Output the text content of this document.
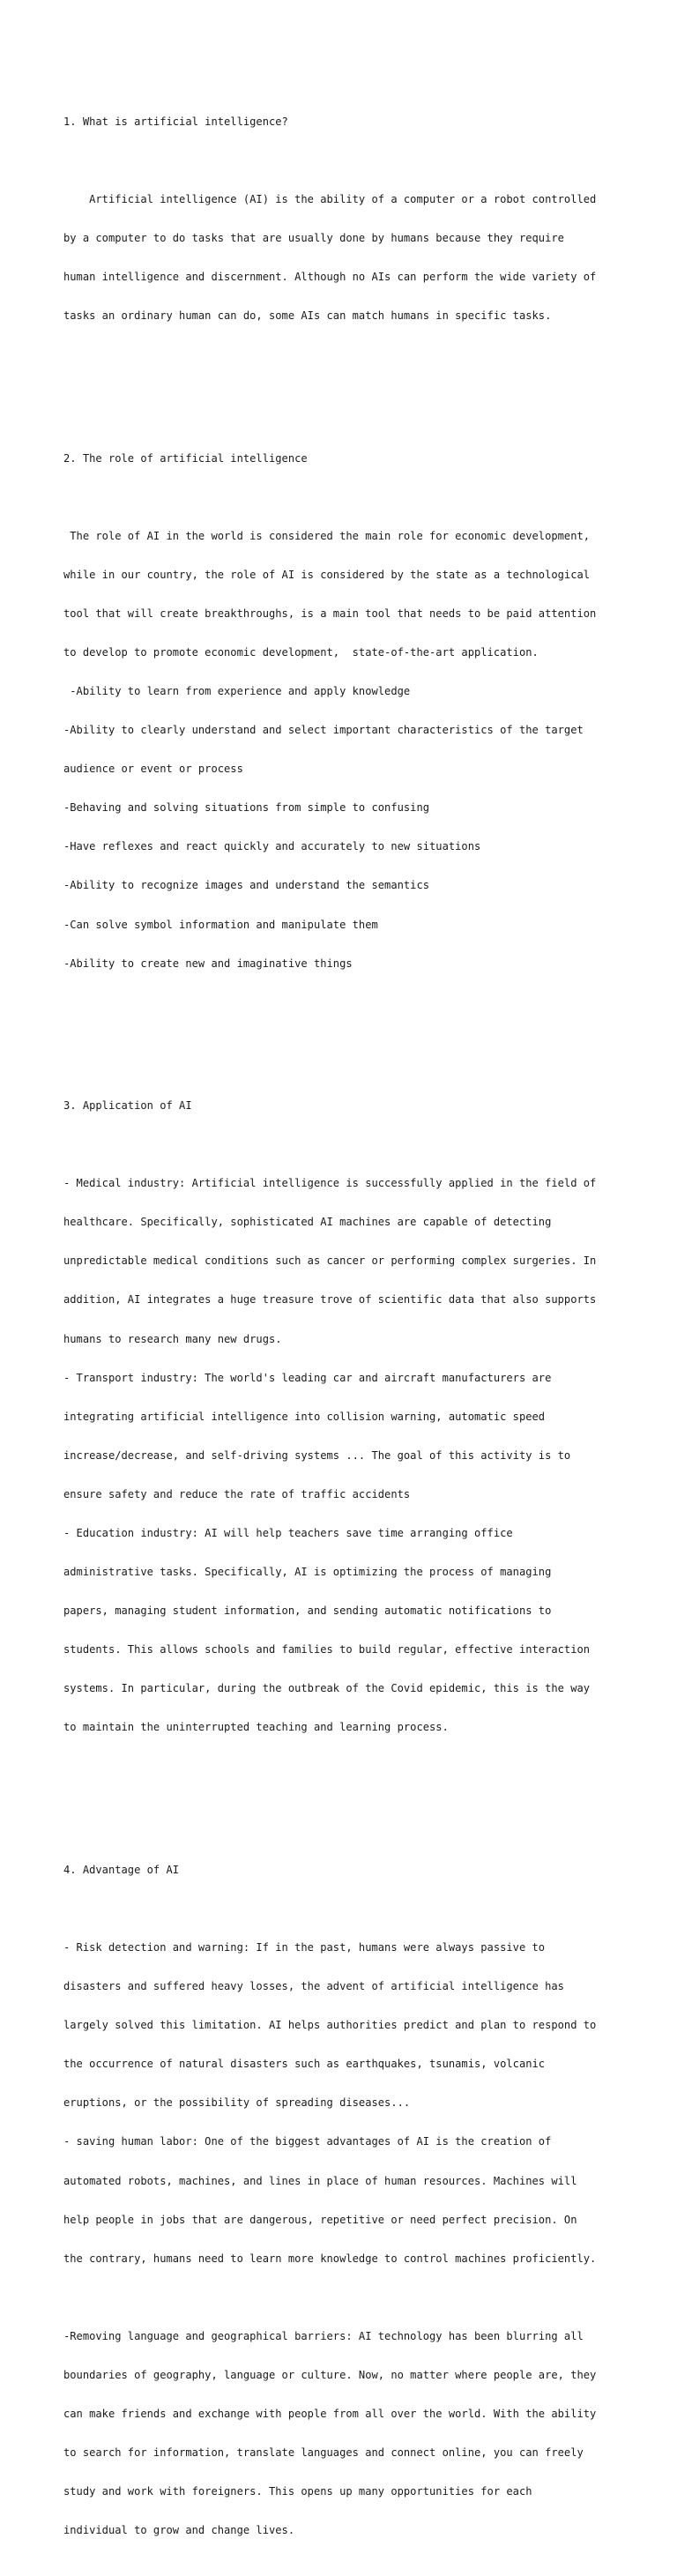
1. What is artificial intelligence?

Artificial intelligence (AI) is the ability of a computer or a robot controlled

by a computer to do tasks that are usually done by humans because they require

human intelligence and discernment. Although no AIs can perform the wide variety of

tasks an ordinary human can do, some AIs can match humans in specific tasks.

2. The role of artificial intelligence

The role of AI in the world is considered the main role for economic development,

while in our country, the role of AI is considered by the state as a technological

tool that will create breakthroughs, is a main tool that needs to be paid attention

to develop to promote economic development,  state-of-the-art application.

-Ability to learn from experience and apply knowledge

-Ability to clearly understand and select important characteristics of the target

audience or event or process

-Behaving and solving situations from simple to confusing

-Have reflexes and react quickly and accurately to new situations

-Ability to recognize images and understand the semantics

-Can solve symbol information and manipulate them

-Ability to create new and imaginative things

3. Application of AI

- Medical industry: Artificial intelligence is successfully applied in the field of

healthcare. Specifically, sophisticated AI machines are capable of detecting

unpredictable medical conditions such as cancer or performing complex surgeries. In

addition, AI integrates a huge treasure trove of scientific data that also supports

humans to research many new drugs.

- Transport industry: The world's leading car and aircraft manufacturers are

integrating artificial intelligence into collision warning, automatic speed

increase/decrease, and self-driving systems ... The goal of this activity is to

ensure safety and reduce the rate of traffic accidents

- Education industry: AI will help teachers save time arranging office

administrative tasks. Specifically, AI is optimizing the process of managing

papers, managing student information, and sending automatic notifications to

students. This allows schools and families to build regular, effective interaction

systems. In particular, during the outbreak of the Covid epidemic, this is the way

to maintain the uninterrupted teaching and learning process.

4. Advantage of AI

- Risk detection and warning: If in the past, humans were always passive to

disasters and suffered heavy losses, the advent of artificial intelligence has

largely solved this limitation. AI helps authorities predict and plan to respond to

the occurrence of natural disasters such as earthquakes, tsunamis, volcanic

eruptions, or the possibility of spreading diseases...

- saving human labor: One of the biggest advantages of AI is the creation of

automated robots, machines, and lines in place of human resources. Machines will

help people in jobs that are dangerous, repetitive or need perfect precision. On

the contrary, humans need to learn more knowledge to control machines proficiently.

-Removing language and geographical barriers: AI technology has been blurring all

boundaries of geography, language or culture. Now, no matter where people are, they

can make friends and exchange with people from all over the world. With the ability

to search for information, translate languages and connect online, you can freely

study and work with foreigners. This opens up many opportunities for each

individual to grow and change lives.
